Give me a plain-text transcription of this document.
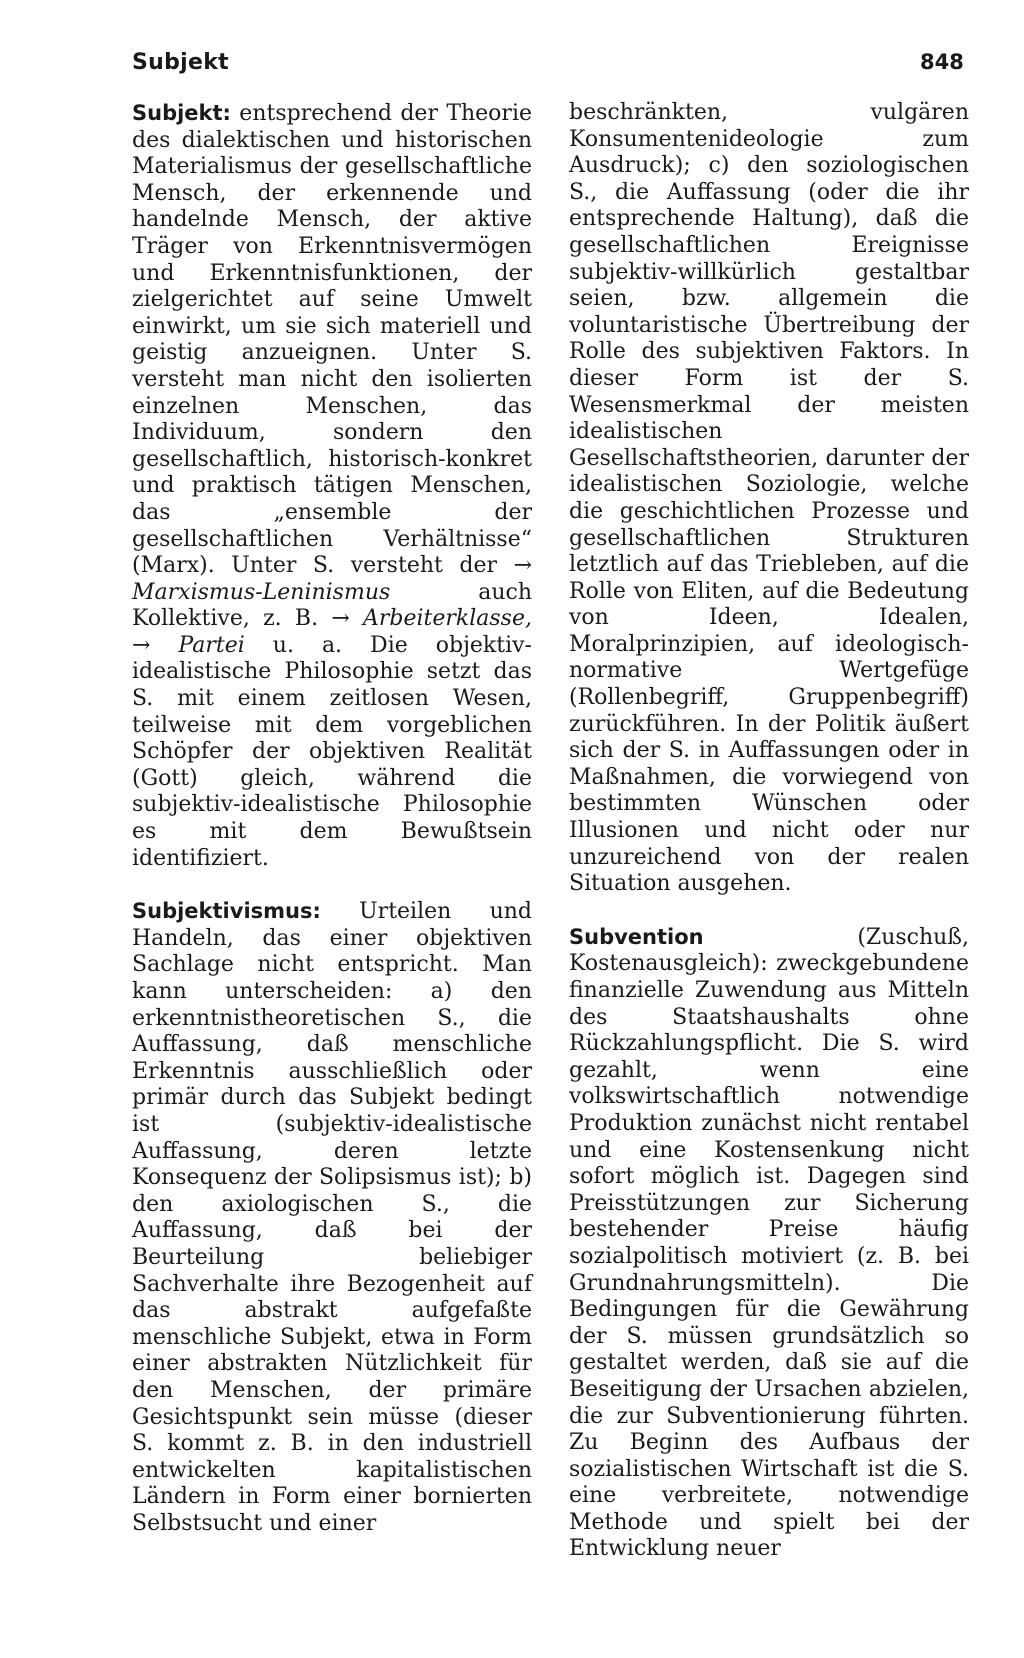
Subjekt	848

Subjekt: entsprechend der Theorie des dialektischen und historischen Materialismus der gesellschaftliche Mensch, der erkennende und handelnde Mensch, der aktive Träger von Erkenntnisvermögen und Erkenntnisfunktionen, der zielgerichtet auf seine Umwelt einwirkt, um sie sich materiell und geistig anzueignen. Unter S. versteht man nicht den isolierten einzelnen Menschen, das Individuum, sondern den gesellschaftlich, historisch-konkret und praktisch tätigen Menschen, das „ensemble der gesellschaftlichen Verhältnisse“ (Marx). Unter S. versteht der → Marxismus-Leninismus auch Kollektive, z. B. → Arbeiterklasse, → Partei u. a. Die objektiv-idealistische Philosophie setzt das S. mit einem zeitlosen Wesen, teilweise mit dem vorgeblichen Schöpfer der objektiven Realität (Gott) gleich, während die subjektiv-idealistische Philosophie es mit dem Bewußtsein identifiziert.

Subjektivismus: Urteilen und Handeln, das einer objektiven Sachlage nicht entspricht. Man kann unterscheiden: a) den erkenntnistheoretischen S., die Auffassung, daß menschliche Erkenntnis ausschließlich oder primär durch das Subjekt bedingt ist (subjektiv-idealistische Auffassung, deren letzte Konsequenz der Solipsismus ist); b) den axiologischen S., die Auffassung, daß bei der Beurteilung beliebiger Sachverhalte ihre Bezogenheit auf das abstrakt aufgefaßte menschliche Subjekt, etwa in Form einer abstrakten Nützlichkeit für den Menschen, der primäre Gesichtspunkt sein müsse (dieser S. kommt z. B. in den industriell entwickelten kapitalistischen Ländern in Form einer bornierten Selbstsucht und einer

beschränkten, vulgären Konsumentenideologie zum Ausdruck); c) den soziologischen S., die Auffassung (oder die ihr entsprechende Haltung), daß die gesellschaftlichen Ereignisse subjektiv-willkürlich gestaltbar seien, bzw. allgemein die voluntaristische Übertreibung der Rolle des subjektiven Faktors. In dieser Form ist der S. Wesensmerkmal der meisten idealistischen Gesellschaftstheorien, darunter der idealistischen Soziologie, welche die geschichtlichen Prozesse und gesellschaftlichen Strukturen letztlich auf das Triebleben, auf die Rolle von Eliten, auf die Bedeutung von Ideen, Idealen, Moralprinzipien, auf ideologisch-normative Wertgefüge (Rollenbegriff, Gruppenbegriff) zurückführen. In der Politik äußert sich der S. in Auffassungen oder in Maßnahmen, die vorwiegend von bestimmten Wünschen oder Illusionen und nicht oder nur unzureichend von der realen Situation ausgehen.

Subvention (Zuschuß, Kostenausgleich): zweckgebundene finanzielle Zuwendung aus Mitteln des Staatshaushalts ohne Rückzahlungspflicht. Die S. wird gezahlt, wenn eine volkswirtschaftlich notwendige Produktion zunächst nicht rentabel und eine Kostensenkung nicht sofort möglich ist. Dagegen sind Preisstützungen zur Sicherung bestehender Preise häufig sozialpolitisch motiviert (z. B. bei Grundnahrungsmitteln). Die Bedingungen für die Gewährung der S. müssen grundsätzlich so gestaltet werden, daß sie auf die Beseitigung der Ursachen abzielen, die zur Subventionierung führten. Zu Beginn des Aufbaus der sozialistischen Wirtschaft ist die S. eine verbreitete, notwendige Methode und spielt bei der Entwicklung neuer
